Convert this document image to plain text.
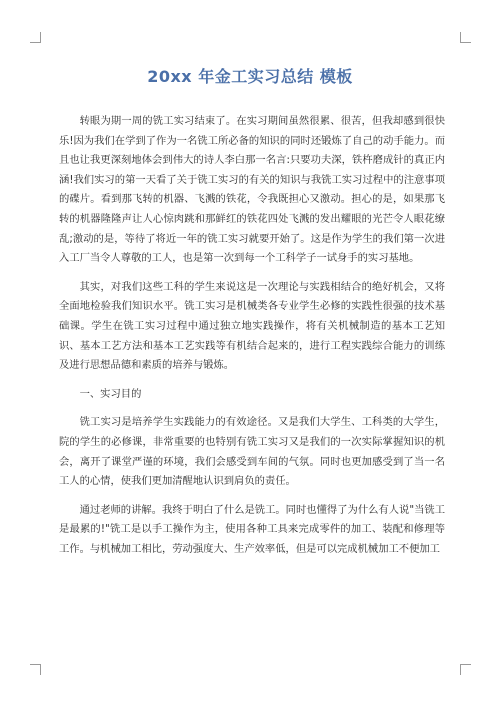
20xx 年金工实习总结 模板

转眼为期一周的铣工实习结束了。在实习期间虽然很累、很苦，但我却感到很快乐!因为我们在学到了作为一名铣工所必备的知识的同时还锻炼了自己的动手能力。而且也让我更深刻地体会到伟大的诗人李白那一名言:只要功夫深，铁杵磨成针的真正内涵!我们实习的第一天看了关于铣工实习的有关的知识与我铣工实习过程中的注意事项的碟片。看到那飞转的机器、飞溅的铁花，令我既担心又激动。担心的是，如果那飞转的机器隆隆声让人心惊肉跳和那鲜红的铁花四处飞溅的发出耀眼的光芒令人眼花缭乱;激动的是，等待了将近一年的铣工实习就要开始了。这是作为学生的我们第一次进入工厂当令人尊敬的工人，也是第一次到每一个工科学子一试身手的实习基地。

其实，对我们这些工科的学生来说这是一次理论与实践相结合的绝好机会，又将全面地检验我们知识水平。铣工实习是机械类各专业学生必修的实践性很强的技术基础课。学生在铣工实习过程中通过独立地实践操作，将有关机械制造的基本工艺知识、基本工艺方法和基本工艺实践等有机结合起来的，进行工程实践综合能力的训练及进行思想品德和素质的培养与锻炼。

一、实习目的

铣工实习是培养学生实践能力的有效途径。又是我们大学生、工科类的大学生，院的学生的必修课，非常重要的也特别有铣工实习又是我们的一次实际掌握知识的机会，离开了课堂严谨的环境，我们会感受到车间的气氛。同时也更加感受到了当一名工人的心情，使我们更加清醒地认识到肩负的责任。

通过老师的讲解。我终于明白了什么是铣工。同时也懂得了为什么有人说"当铣工是最累的!"铣工是以手工操作为主，使用各种工具来完成零件的加工、装配和修理等工作。与机械加工相比，劳动强度大、生产效率低，但是可以完成机械加工不便加工
